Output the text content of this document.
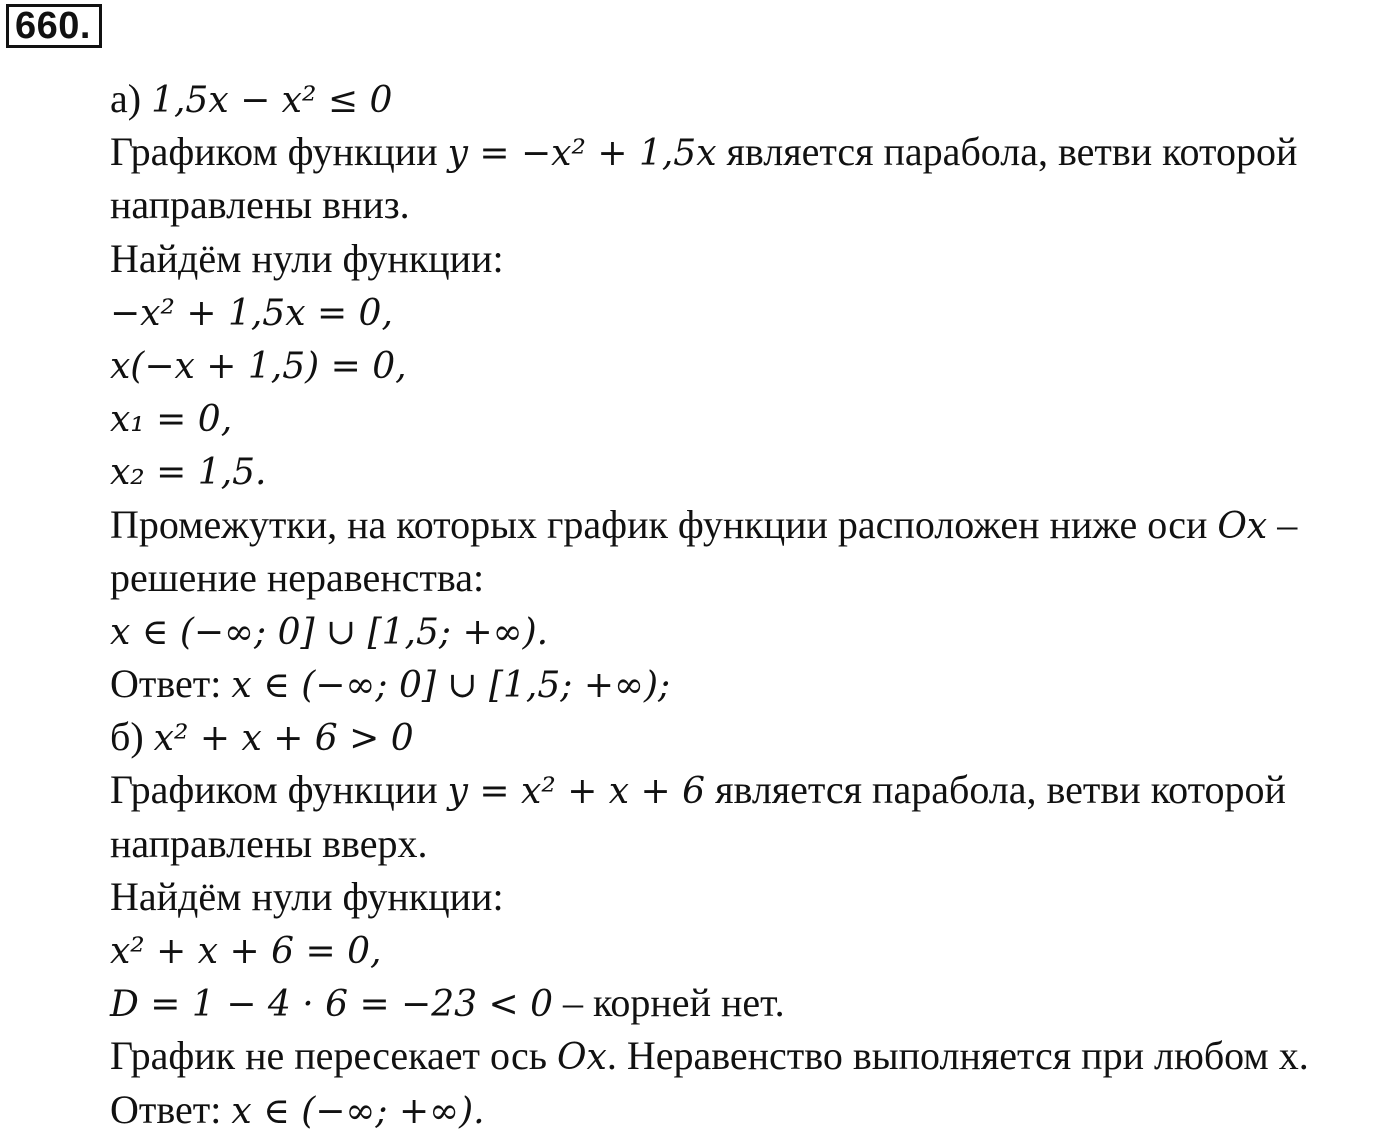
660.
а) 1,5x − x² ≤ 0
Графиком функции y = −x² + 1,5x является парабола, ветви которой
направлены вниз.
Найдём нули функции:
−x² + 1,5x = 0,
x(−x + 1,5) = 0,
x₁ = 0,
x₂ = 1,5.
Промежутки, на которых график функции расположен ниже оси Ox –
решение неравенства:
x ∈ (−∞; 0] ∪ [1,5; +∞).
Ответ: x ∈ (−∞; 0] ∪ [1,5; +∞);
б) x² + x + 6 > 0
Графиком функции y = x² + x + 6 является парабола, ветви которой
направлены вверх.
Найдём нули функции:
x² + x + 6 = 0,
D = 1 − 4 · 6 = −23 < 0 – корней нет.
График не пересекает ось Ox. Неравенство выполняется при любом x.
Ответ: x ∈ (−∞; +∞).
